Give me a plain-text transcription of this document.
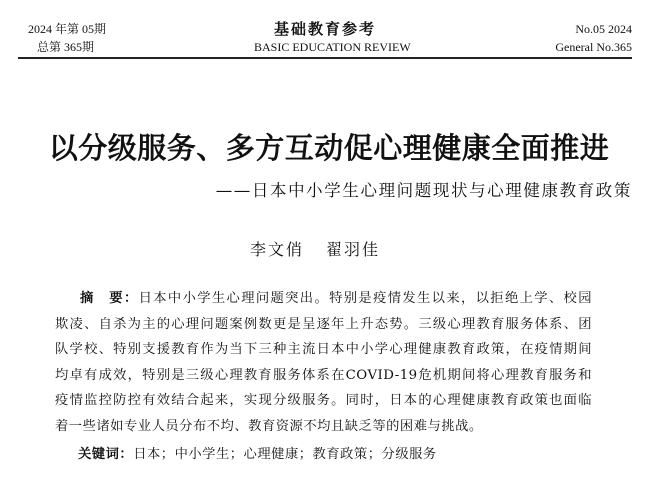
2024 年第 05期
总第 365期
基础教育参考
BASIC EDUCATION REVIEW
No.05 2024
General No.365
以分级服务、多方互动促心理健康全面推进
——日本中小学生心理问题现状与心理健康教育政策
李文俏 翟羽佳
摘　要：日本中小学生心理问题突出。特别是疫情发生以来，以拒绝上学、校园
欺凌、自杀为主的心理问题案例数更是呈逐年上升态势。三级心理教育服务体系、团
队学校、特别支援教育作为当下三种主流日本中小学心理健康教育政策，在疫情期间
均卓有成效，特别是三级心理教育服务体系在COVID-19危机期间将心理教育服务和
疫情监控防控有效结合起来，实现分级服务。同时，日本的心理健康教育政策也面临
着一些诸如专业人员分布不均、教育资源不均且缺乏等的困难与挑战。
关键词：日本；中小学生；心理健康；教育政策；分级服务
